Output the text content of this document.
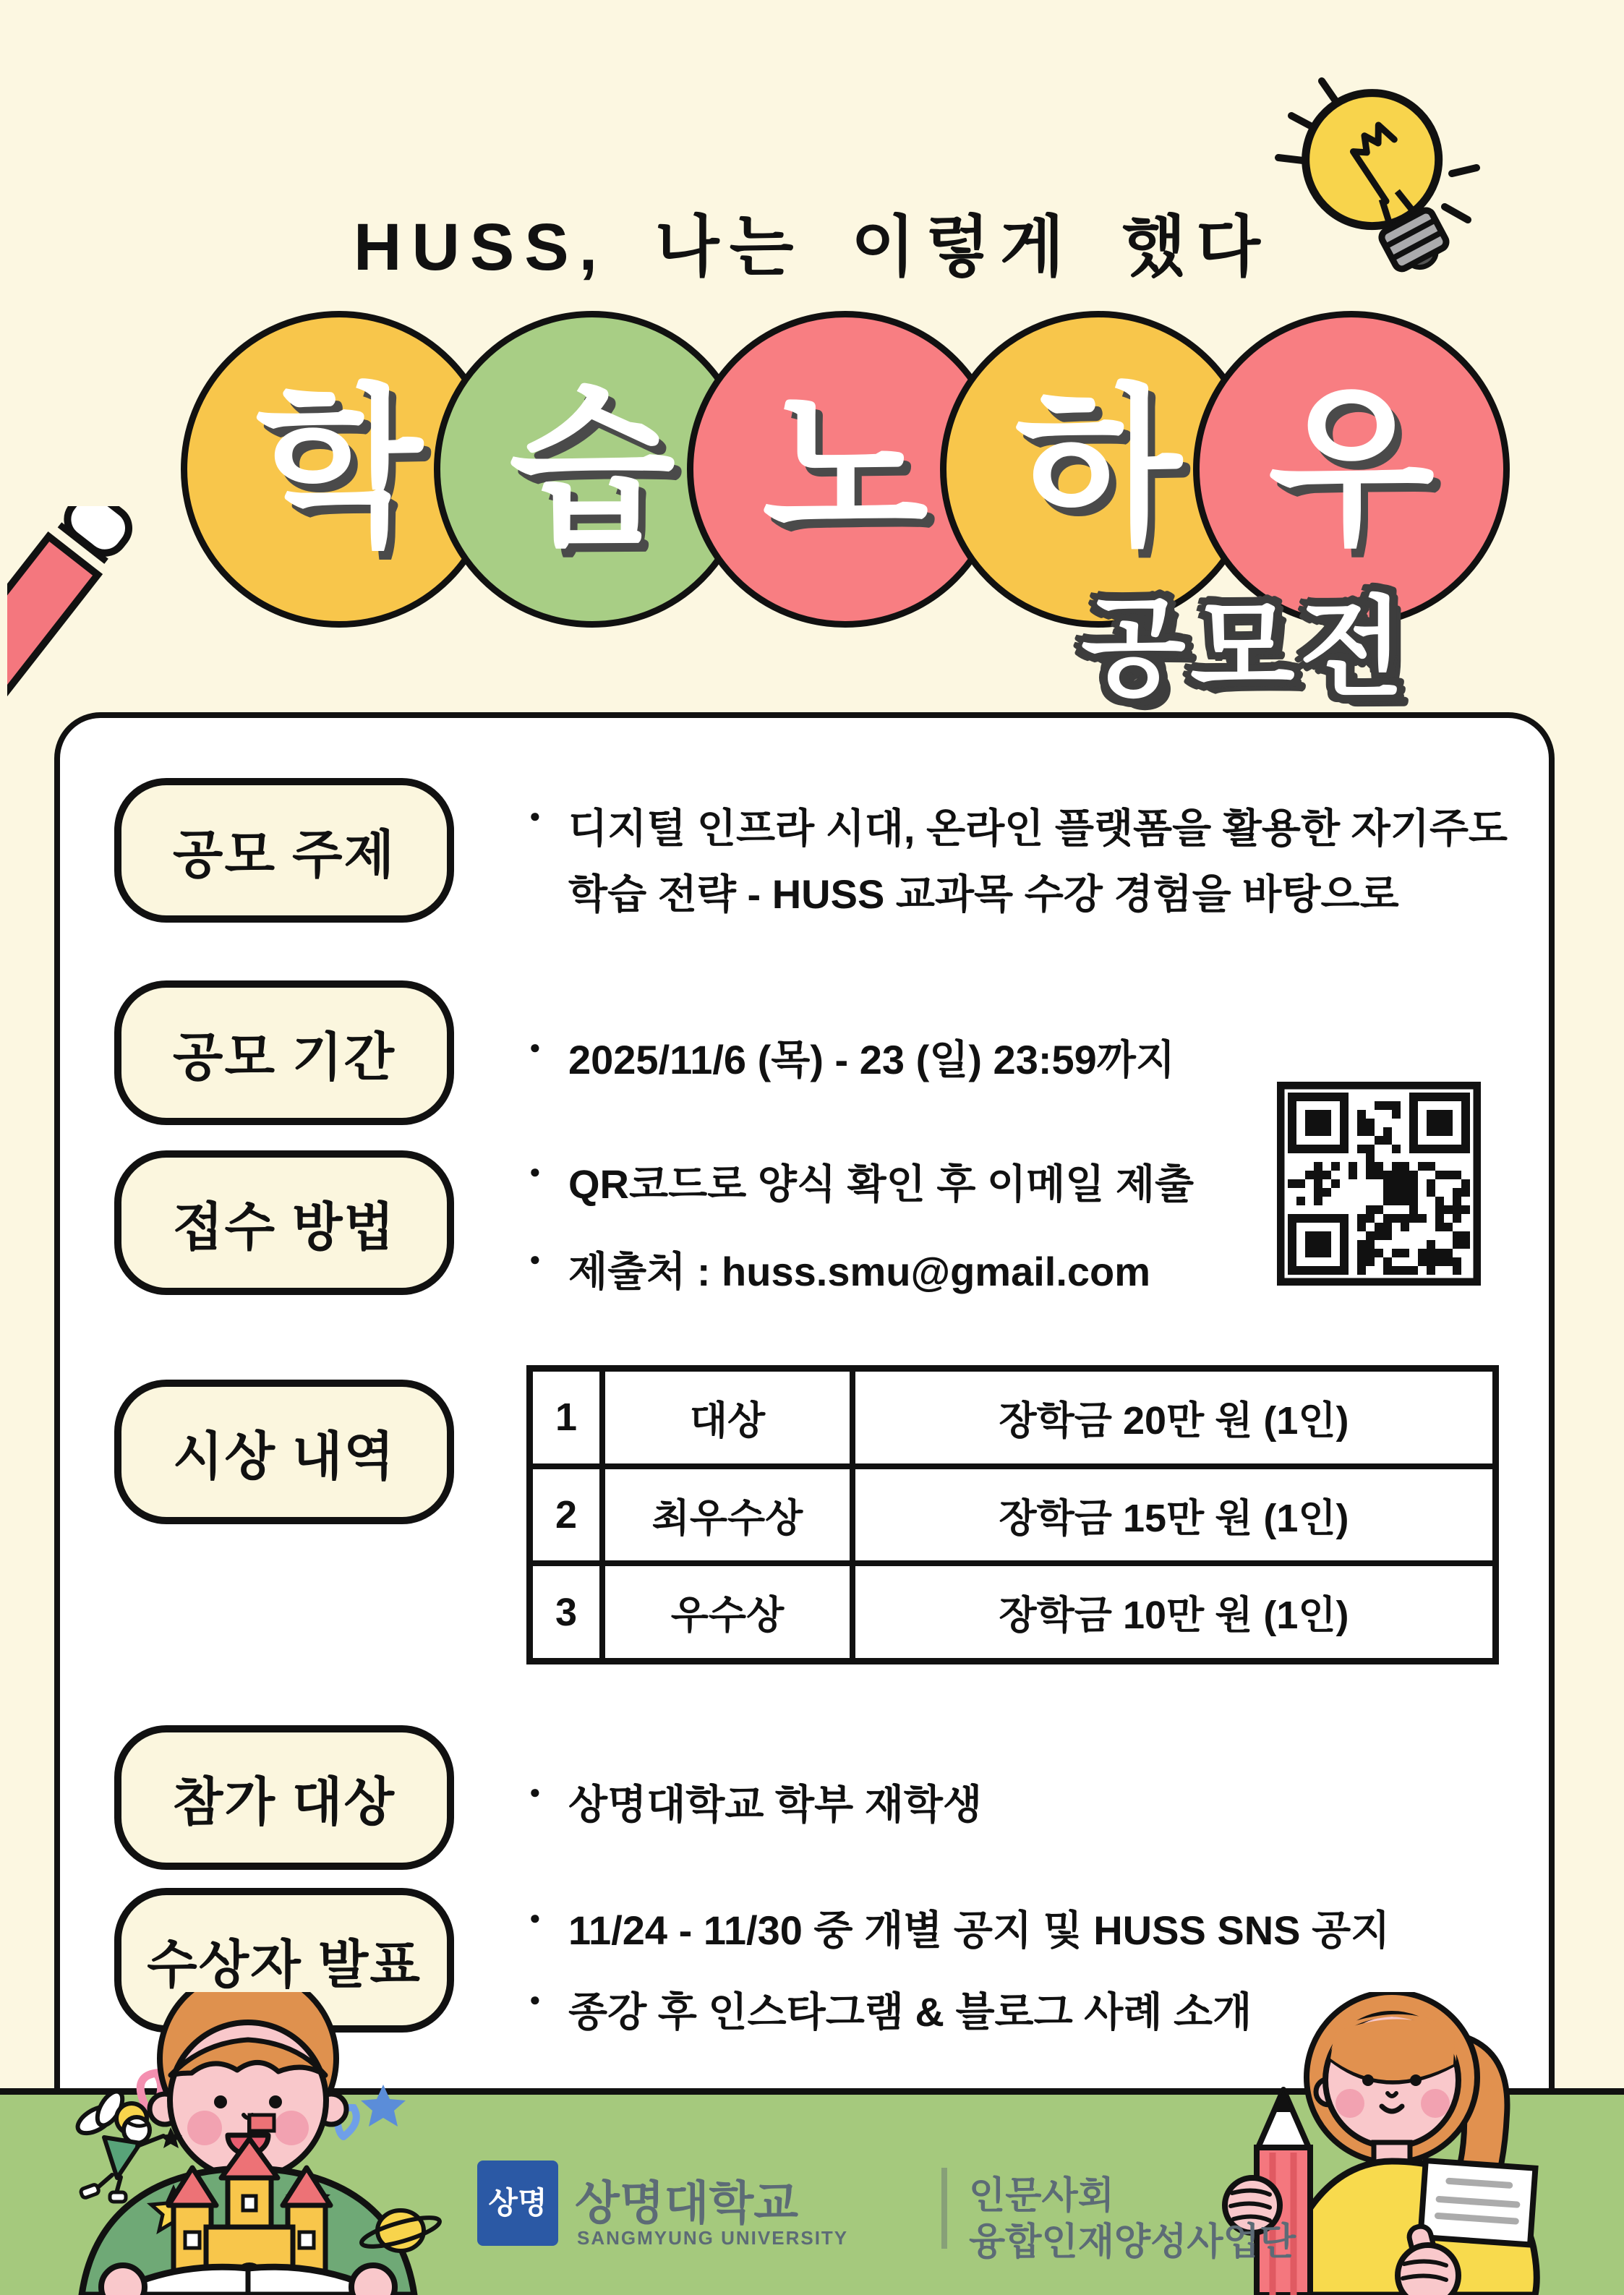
HUSS, 나는 이렇게 했다
학 습 노 하 우
공모전
공모 주제	● 디지털 인프라 시대, 온라인 플랫폼을 활용한 자기주도 학습 전략 - HUSS 교과목 수강 경험을 바탕으로
공모 기간	● 2025/11/6 (목) - 23 (일) 23:59까지
접수 방법
● QR코드로 양식 확인 후 이메일 제출
● 제출처 : huss.smu@gmail.com
시상 내역
1	대상	장학금 20만 원 (1인)
2	최우수상	장학금 15만 원 (1인)
3	우수상	장학금 10만 원 (1인)
참가 대상	● 상명대학교 학부 재학생
수상자 발표
● 11/24 - 11/30 중 개별 공지 및 HUSS SNS 공지
● 종강 후 인스타그램 & 블로그 사례 소개
상명 상명대학교
SANGMYUNG UNIVERSITY
인문사회
융합인재양성사업단
